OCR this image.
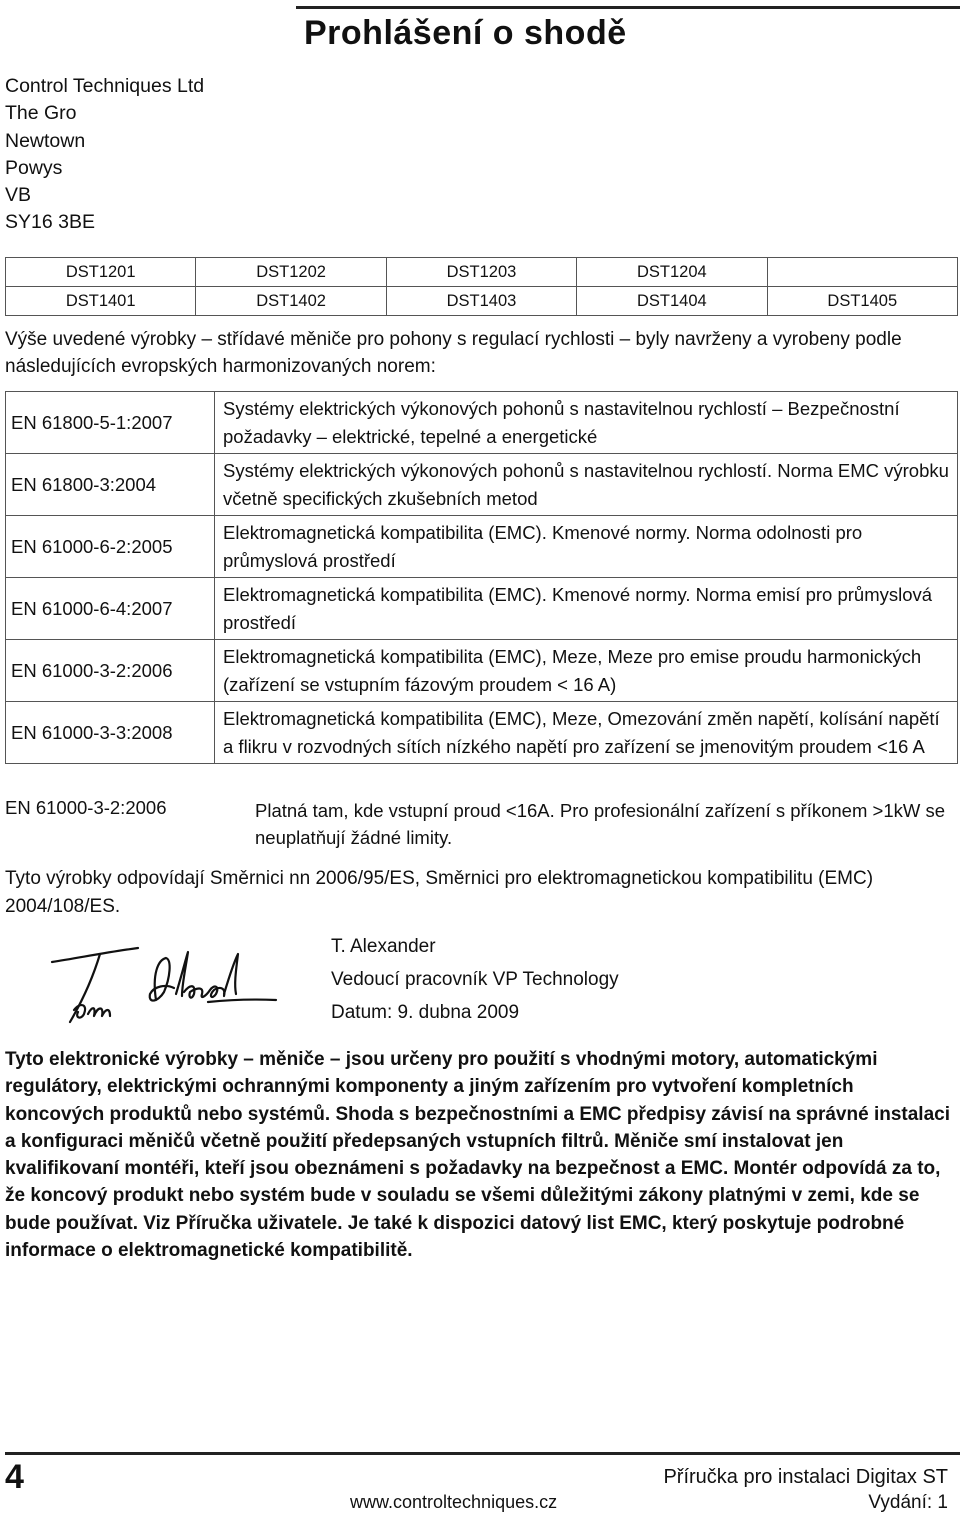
Prohlášení o shodě
Control Techniques Ltd
The Gro
Newtown
Powys
VB
SY16 3BE
DST1201	DST1202	DST1203	DST1204	
DST1401	DST1402	DST1403	DST1404	DST1405
Výše uvedené výrobky – střídavé měniče pro pohony s regulací rychlosti – byly navrženy a vyrobeny podle následujících evropských harmonizovaných norem:
EN 61800-5-1:2007	Systémy elektrických výkonových pohonů s nastavitelnou rychlostí – Bezpečnostní požadavky – elektrické, tepelné a energetické
EN 61800-3:2004	Systémy elektrických výkonových pohonů s nastavitelnou rychlostí. Norma EMC výrobku včetně specifických zkušebních metod
EN 61000-6-2:2005	Elektromagnetická kompatibilita (EMC). Kmenové normy. Norma odolnosti pro průmyslová prostředí
EN 61000-6-4:2007	Elektromagnetická kompatibilita (EMC). Kmenové normy. Norma emisí pro průmyslová prostředí
EN 61000-3-2:2006	Elektromagnetická kompatibilita (EMC), Meze, Meze pro emise proudu harmonických (zařízení se vstupním fázovým proudem < 16 A)
EN 61000-3-3:2008	Elektromagnetická kompatibilita (EMC), Meze, Omezování změn napětí, kolísání napětí a flikru v rozvodných sítích nízkého napětí pro zařízení se jmenovitým proudem <16 A
EN 61000-3-2:2006	Platná tam, kde vstupní proud <16A. Pro profesionální zařízení s příkonem >1kW se neuplatňují žádné limity.
Tyto výrobky odpovídají Směrnici nn 2006/95/ES, Směrnici pro elektromagnetickou kompatibilitu (EMC) 2004/108/ES.
T. Alexander
Vedoucí pracovník VP Technology
Datum: 9. dubna 2009
Tyto elektronické výrobky – měniče – jsou určeny pro použití s vhodnými motory, automatickými regulátory, elektrickými ochrannými komponenty a jiným zařízením pro vytvoření kompletních koncových produktů nebo systémů. Shoda s bezpečnostními a EMC předpisy závisí na správné instalaci a konfiguraci měničů včetně použití předepsaných vstupních filtrů. Měniče smí instalovat jen kvalifikovaní montéři, kteří jsou obeznámeni s požadavky na bezpečnost a EMC. Montér odpovídá za to, že koncový produkt nebo systém bude v souladu se všemi důležitými zákony platnými v zemi, kde se bude používat. Viz Příručka uživatele. Je také k dispozici datový list EMC, který poskytuje podrobné informace o elektromagnetické kompatibilitě.
4	Příručka pro instalaci Digitax ST
www.controltechniques.cz	Vydání: 1
